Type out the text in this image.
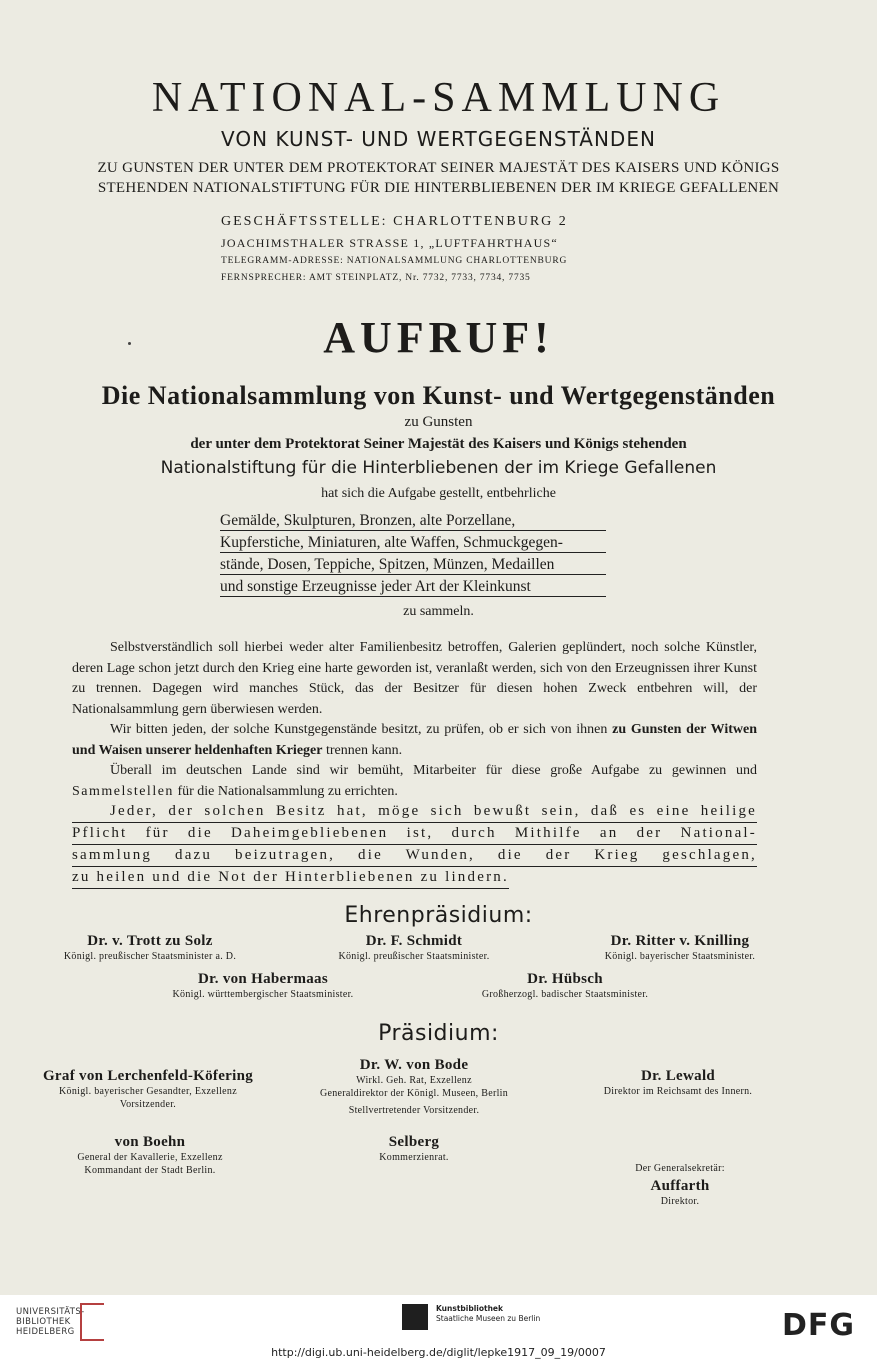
NATIONAL-SAMMLUNG
VON KUNST- UND WERTGEGENSTÄNDEN
ZU GUNSTEN DER UNTER DEM PROTEKTORAT SEINER MAJESTÄT DES KAISERS UND KÖNIGS
STEHENDEN NATIONALSTIFTUNG FÜR DIE HINTERBLIEBENEN DER IM KRIEGE GEFALLENEN
GESCHÄFTSSTELLE: CHARLOTTENBURG 2
JOACHIMSTHALER STRASSE 1, „LUFTFAHRTHAUS“
TELEGRAMM-ADRESSE: NATIONALSAMMLUNG CHARLOTTENBURG
FERNSPRECHER: AMT STEINPLATZ, Nr. 7732, 7733, 7734, 7735
AUFRUF!
Die Nationalsammlung von Kunst- und Wertgegenständen
zu Gunsten
der unter dem Protektorat Seiner Majestät des Kaisers und Königs stehenden
Nationalstiftung für die Hinterbliebenen der im Kriege Gefallenen
hat sich die Aufgabe gestellt, entbehrliche
Gemälde, Skulpturen, Bronzen, alte Porzellane,
Kupferstiche, Miniaturen, alte Waffen, Schmuckgegen-
stände, Dosen, Teppiche, Spitzen, Münzen, Medaillen
und sonstige Erzeugnisse jeder Art der Kleinkunst
zu sammeln.

Selbstverständlich soll hierbei weder alter Familienbesitz betroffen, Galerien geplündert, noch solche Künstler, deren Lage schon jetzt durch den Krieg eine harte geworden ist, veranlaßt werden, sich von den Erzeugnissen ihrer Kunst zu trennen. Dagegen wird manches Stück, das der Besitzer für diesen hohen Zweck entbehren will, der Nationalsammlung gern überwiesen werden.

Wir bitten jeden, der solche Kunstgegenstände besitzt, zu prüfen, ob er sich von ihnen zu Gunsten der Witwen und Waisen unserer heldenhaften Krieger trennen kann.

Überall im deutschen Lande sind wir bemüht, Mitarbeiter für diese große Aufgabe zu gewinnen und Sammelstellen für die Nationalsammlung zu errichten.

Jeder, der solchen Besitz hat, möge sich bewußt sein, daß es eine heilige
Pflicht für die Daheimgebliebenen ist, durch Mithilfe an der National-
sammlung dazu beizutragen, die Wunden, die der Krieg geschlagen,
zu heilen und die Not der Hinterbliebenen zu lindern.
Ehrenpräsidium:
Dr. v. Trott zu Solz
Königl. preußischer Staatsminister a. D.
Dr. F. Schmidt
Königl. preußischer Staatsminister.
Dr. Ritter v. Knilling
Königl. bayerischer Staatsminister.
Dr. von Habermaas
Königl. württembergischer Staatsminister.
Dr. Hübsch
Großherzogl. badischer Staatsminister.
Präsidium:
Graf von Lerchenfeld-Köfering
Königl. bayerischer Gesandter, Exzellenz
Vorsitzender.
Dr. W. von Bode
Wirkl. Geh. Rat, Exzellenz
Generaldirektor der Königl. Museen, Berlin
Stellvertretender Vorsitzender.
Dr. Lewald
Direktor im Reichsamt des Innern.
von Boehn
General der Kavallerie, Exzellenz
Kommandant der Stadt Berlin.
Selberg
Kommerzienrat.
Der Generalsekretär:
Auffarth
Direktor.
UNIVERSITÄTS-
BIBLIOTHEK
HEIDELBERG
Kunstbibliothek
Staatliche Museen zu Berlin	DFG
http://digi.ub.uni-heidelberg.de/diglit/lepke1917_09_19/0007
